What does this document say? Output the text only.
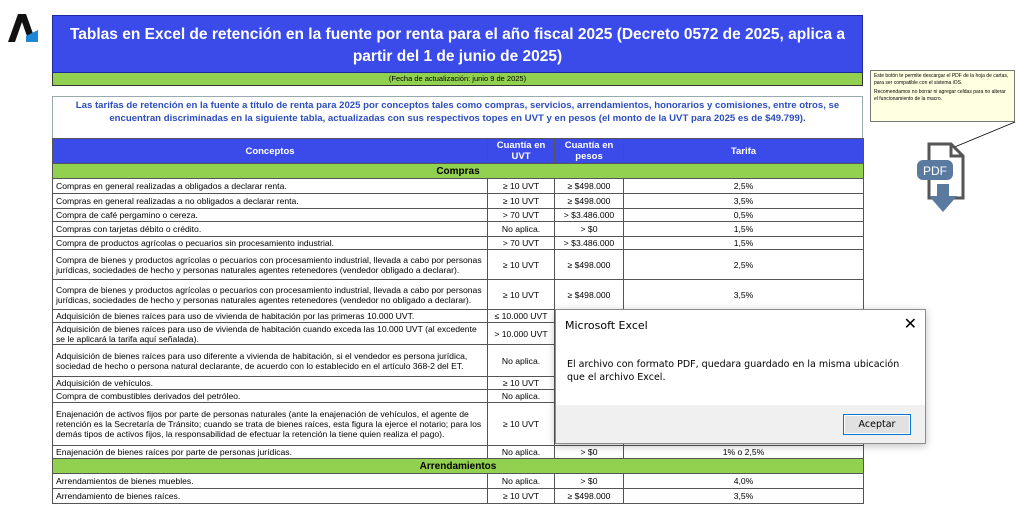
Tablas en Excel de retención en la fuente por renta para el año fiscal 2025 (Decreto 0572 de 2025, aplica a partir del 1 de junio de 2025)
(Fecha de actualización: junio 9 de 2025)
Las tarifas de retención en la fuente a título de renta para 2025 por conceptos tales como compras, servicios, arrendamientos, honorarios y comisiones, entre otros, se encuentran discriminadas en la siguiente tabla, actualizadas con sus respectivos topes en UVT y en pesos (el monto de la UVT para 2025 es de $49.799).
Conceptos	Cuantía en UVT	Cuantía en pesos	Tarifa
Compras			
Compras en general realizadas a obligados a declarar renta.	≥ 10 UVT	≥ $498.000	2,5%
Compras en general realizadas a no obligados a declarar renta.	≥ 10 UVT	≥ $498.000	3,5%
Compra de café pergamino o cereza.	> 70 UVT	> $3.486.000	0,5%
Compras con tarjetas débito o crédito.	No aplica.	> $0	1,5%
Compra de productos agrícolas o pecuarios sin procesamiento industrial.	> 70 UVT	> $3.486.000	1,5%
Compra de bienes y productos agrícolas o pecuarios con procesamiento industrial, llevada a cabo por personas jurídicas, sociedades de hecho y personas naturales agentes retenedores (vendedor obligado a declarar).	≥ 10 UVT	≥ $498.000	2,5%
Compra de bienes y productos agrícolas o pecuarios con procesamiento industrial, llevada a cabo por personas jurídicas, sociedades de hecho y personas naturales agentes retenedores (vendedor no obligado a declarar).	≥ 10 UVT	≥ $498.000	3,5%
Adquisición de bienes raíces para uso de vivienda de habitación por las primeras 10.000 UVT.	≤ 10.000 UVT		
Adquisición de bienes raíces para uso de vivienda de habitación cuando exceda las 10.000 UVT (al excedente se le aplicará la tarifa aquí señalada).	> 10.000 UVT		
Adquisición de bienes raíces para uso diferente a vivienda de habitación, si el vendedor es persona jurídica, sociedad de hecho o persona natural declarante, de acuerdo con lo establecido en el artículo 368-2 del ET.	No aplica.		
Adquisición de vehículos.	≥ 10 UVT		
Compra de combustibles derivados del petróleo.	No aplica.		
Enajenación de activos fijos por parte de personas naturales (ante la enajenación de vehículos, el agente de retención es la Secretaría de Tránsito; cuando se trata de bienes raíces, esta figura la ejerce el notario; para los demás tipos de activos fijos, la responsabilidad de efectuar la retención la tiene quien realiza el pago).	≥ 10 UVT		
Enajenación de bienes raíces por parte de personas jurídicas.	No aplica.	> $0	1% o 2,5%
Arrendamientos			
Arrendamientos de bienes muebles.	No aplica.	> $0	4,0%
Arrendamiento de bienes raíces.	≥ 10 UVT	≥ $498.000	3,5%
Este botón te permite descargar el PDF de la hoja de cartas, para ser compatible con el sistema iOS.
Recomendamos no borrar ni agregar celdas para no alterar el funcionamiento de la macro.
PDF
Microsoft Excel	✕
El archivo con formato PDF, quedara guardado en la misma ubicación que el archivo Excel.
Aceptar
